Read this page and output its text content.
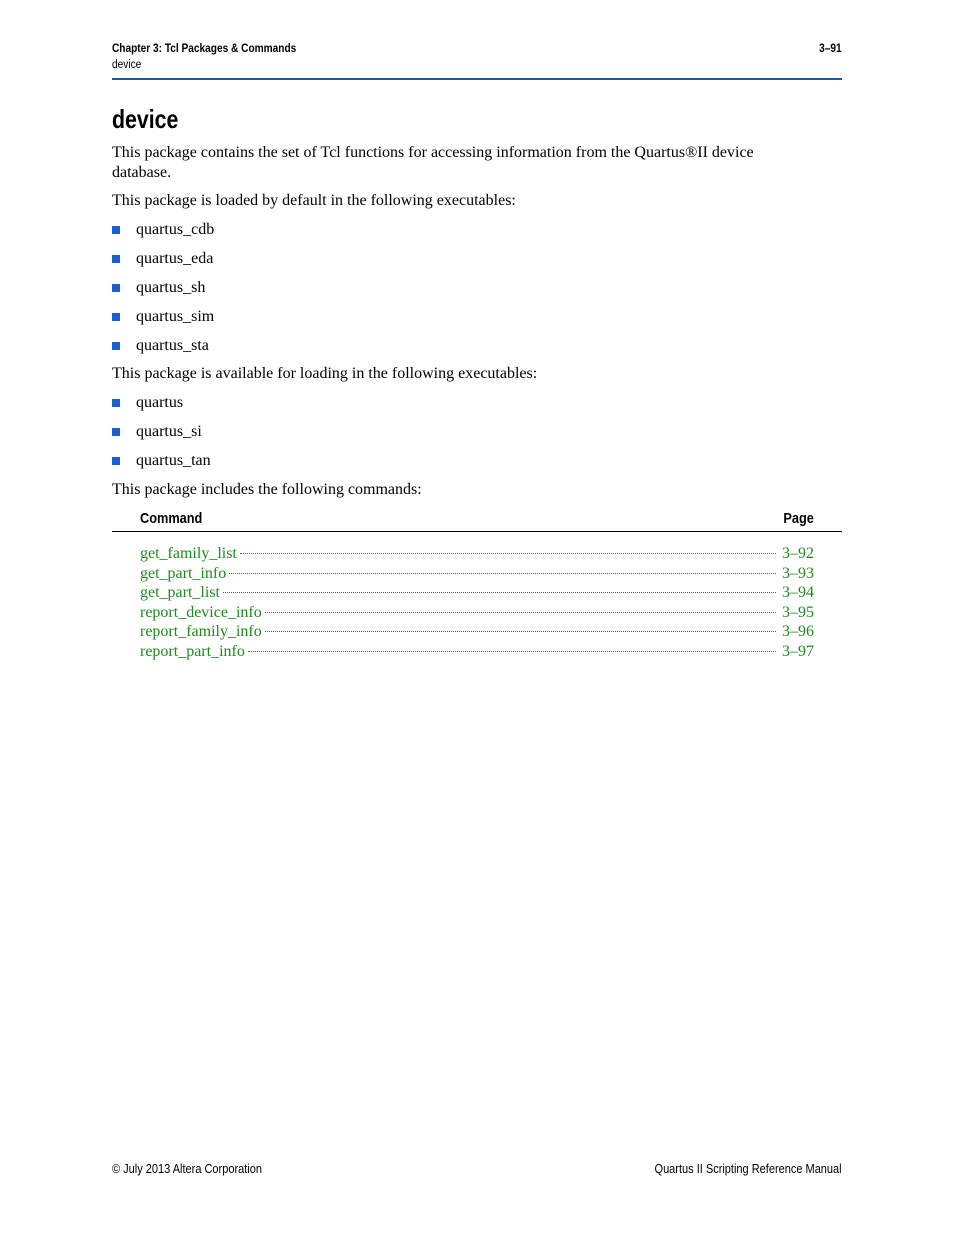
Chapter 3: Tcl Packages & Commands
device
3–91
device

This package contains the set of Tcl functions for accessing information from the Quartus®II device database.

This package is loaded by default in the following executables:

quartus_cdb
quartus_eda
quartus_sh
quartus_sim
quartus_sta

This package is available for loading in the following executables:

quartus
quartus_si
quartus_tan

This package includes the following commands:

Command	Page
get_family_list	3–92
get_part_info	3–93
get_part_list	3–94
report_device_info	3–95
report_family_info	3–96
report_part_info	3–97
© July 2013 Altera Corporation	Quartus II Scripting Reference Manual
